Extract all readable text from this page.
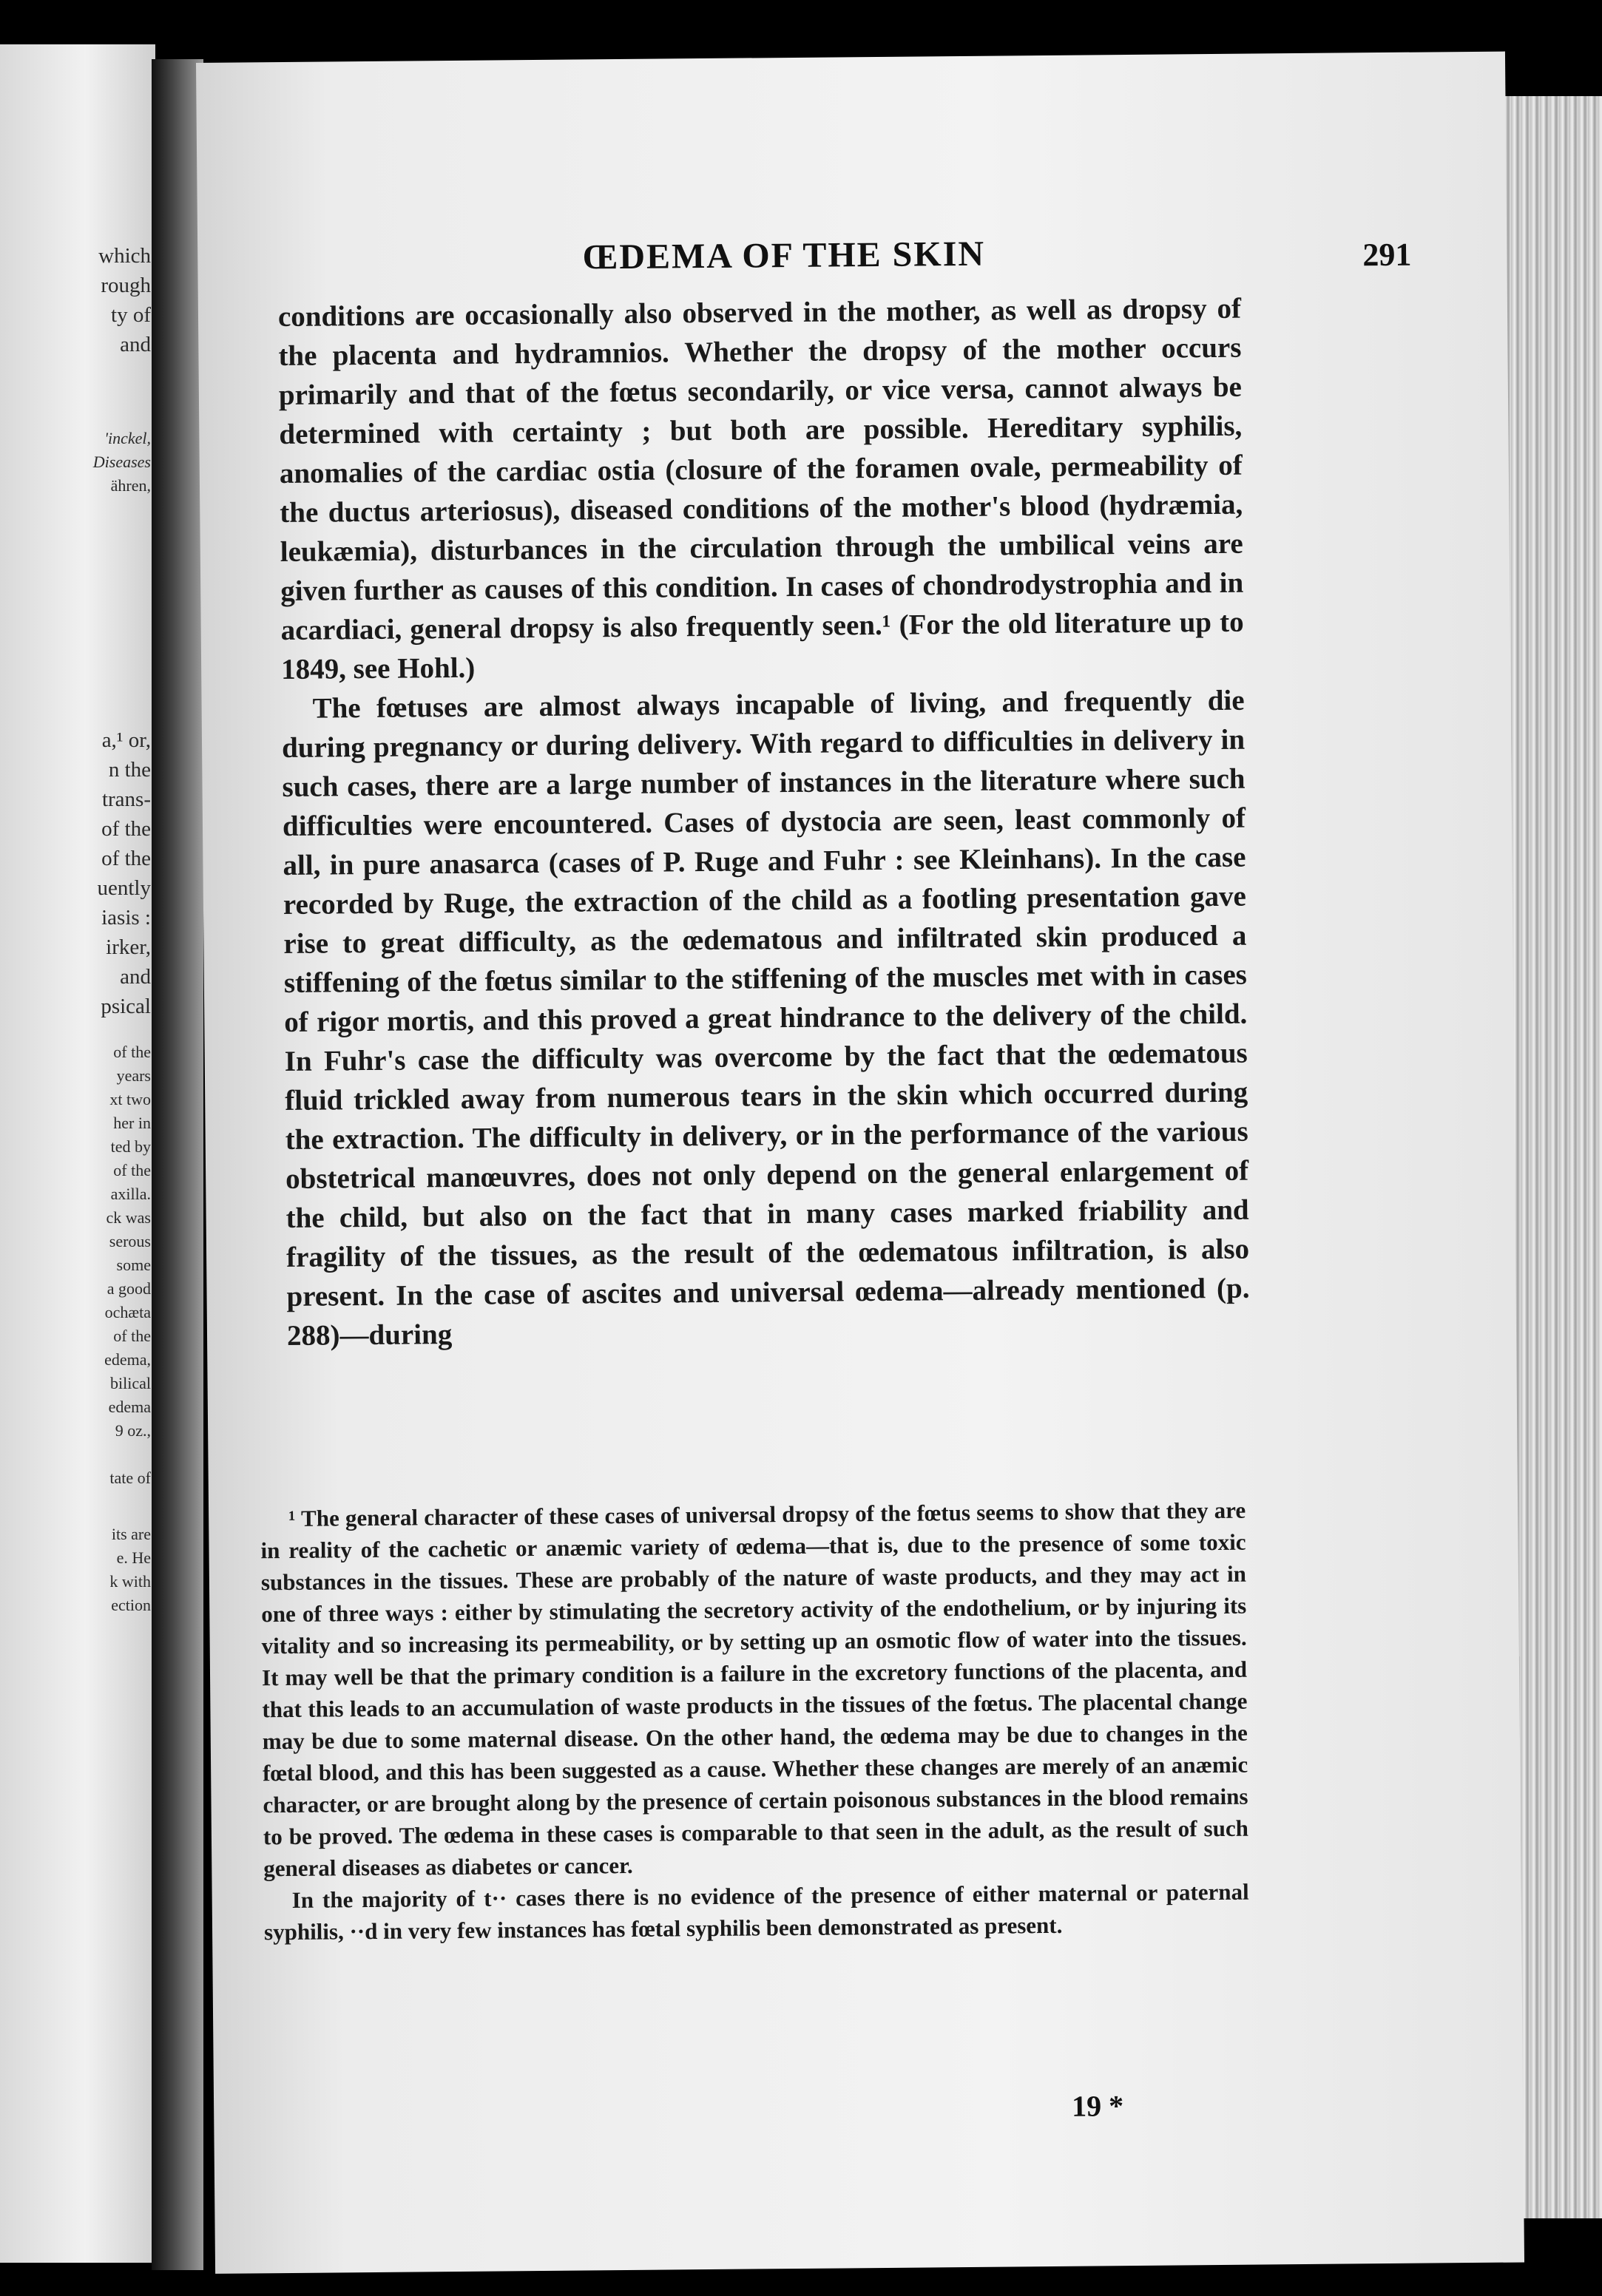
which
rough
ty of
and
'inckel,
Diseases
ähren,
a,¹ or,
n the
trans-
of the
of the
uently
iasis :
irker,
and
psical
of the
years
xt two
her in
ted by
of the
axilla.
ck was
serous
some
a good
ochæta
of the
edema,
bilical
edema
9 oz.,
tate of
its are
e. He
k with
ection
ŒDEMA OF THE SKIN	291

conditions are occasionally also observed in the mother, as well as dropsy of the placenta and hydramnios. Whether the dropsy of the mother occurs primarily and that of the fœtus secondarily, or vice versa, cannot always be determined with certainty ; but both are possible. Hereditary syphilis, anomalies of the cardiac ostia (closure of the foramen ovale, permeability of the ductus arteriosus), diseased conditions of the mother's blood (hydræmia, leukæmia), disturbances in the circulation through the umbilical veins are given further as causes of this condition. In cases of chondrodystrophia and in acardiaci, general dropsy is also frequently seen.¹ (For the old literature up to 1849, see Hohl.)

The fœtuses are almost always incapable of living, and frequently die during pregnancy or during delivery. With regard to difficulties in delivery in such cases, there are a large number of instances in the literature where such difficulties were encountered. Cases of dystocia are seen, least commonly of all, in pure anasarca (cases of P. Ruge and Fuhr : see Kleinhans). In the case recorded by Ruge, the extraction of the child as a footling presentation gave rise to great difficulty, as the œdematous and infiltrated skin produced a stiffening of the fœtus similar to the stiffening of the muscles met with in cases of rigor mortis, and this proved a great hindrance to the delivery of the child. In Fuhr's case the difficulty was overcome by the fact that the œdematous fluid trickled away from numerous tears in the skin which occurred during the extraction. The difficulty in delivery, or in the performance of the various obstetrical manœuvres, does not only depend on the general enlargement of the child, but also on the fact that in many cases marked friability and fragility of the tissues, as the result of the œdematous infiltration, is also present. In the case of ascites and universal œdema—already mentioned (p. 288)—during

¹ The general character of these cases of universal dropsy of the fœtus seems to show that they are in reality of the cachetic or anæmic variety of œdema—that is, due to the presence of some toxic substances in the tissues. These are probably of the nature of waste products, and they may act in one of three ways : either by stimulating the secretory activity of the endothelium, or by injuring its vitality and so increasing its permeability, or by setting up an osmotic flow of water into the tissues. It may well be that the primary condition is a failure in the excretory functions of the placenta, and that this leads to an accumulation of waste products in the tissues of the fœtus. The placental change may be due to some maternal disease. On the other hand, the œdema may be due to changes in the fœtal blood, and this has been suggested as a cause. Whether these changes are merely of an anæmic character, or are brought along by the presence of certain poisonous substances in the blood remains to be proved. The œdema in these cases is comparable to that seen in the adult, as the result of such general diseases as diabetes or cancer.

In the majority of t·· cases there is no evidence of the presence of either maternal or paternal syphilis, ··d in very few instances has fœtal syphilis been demonstrated as present.

19 *
